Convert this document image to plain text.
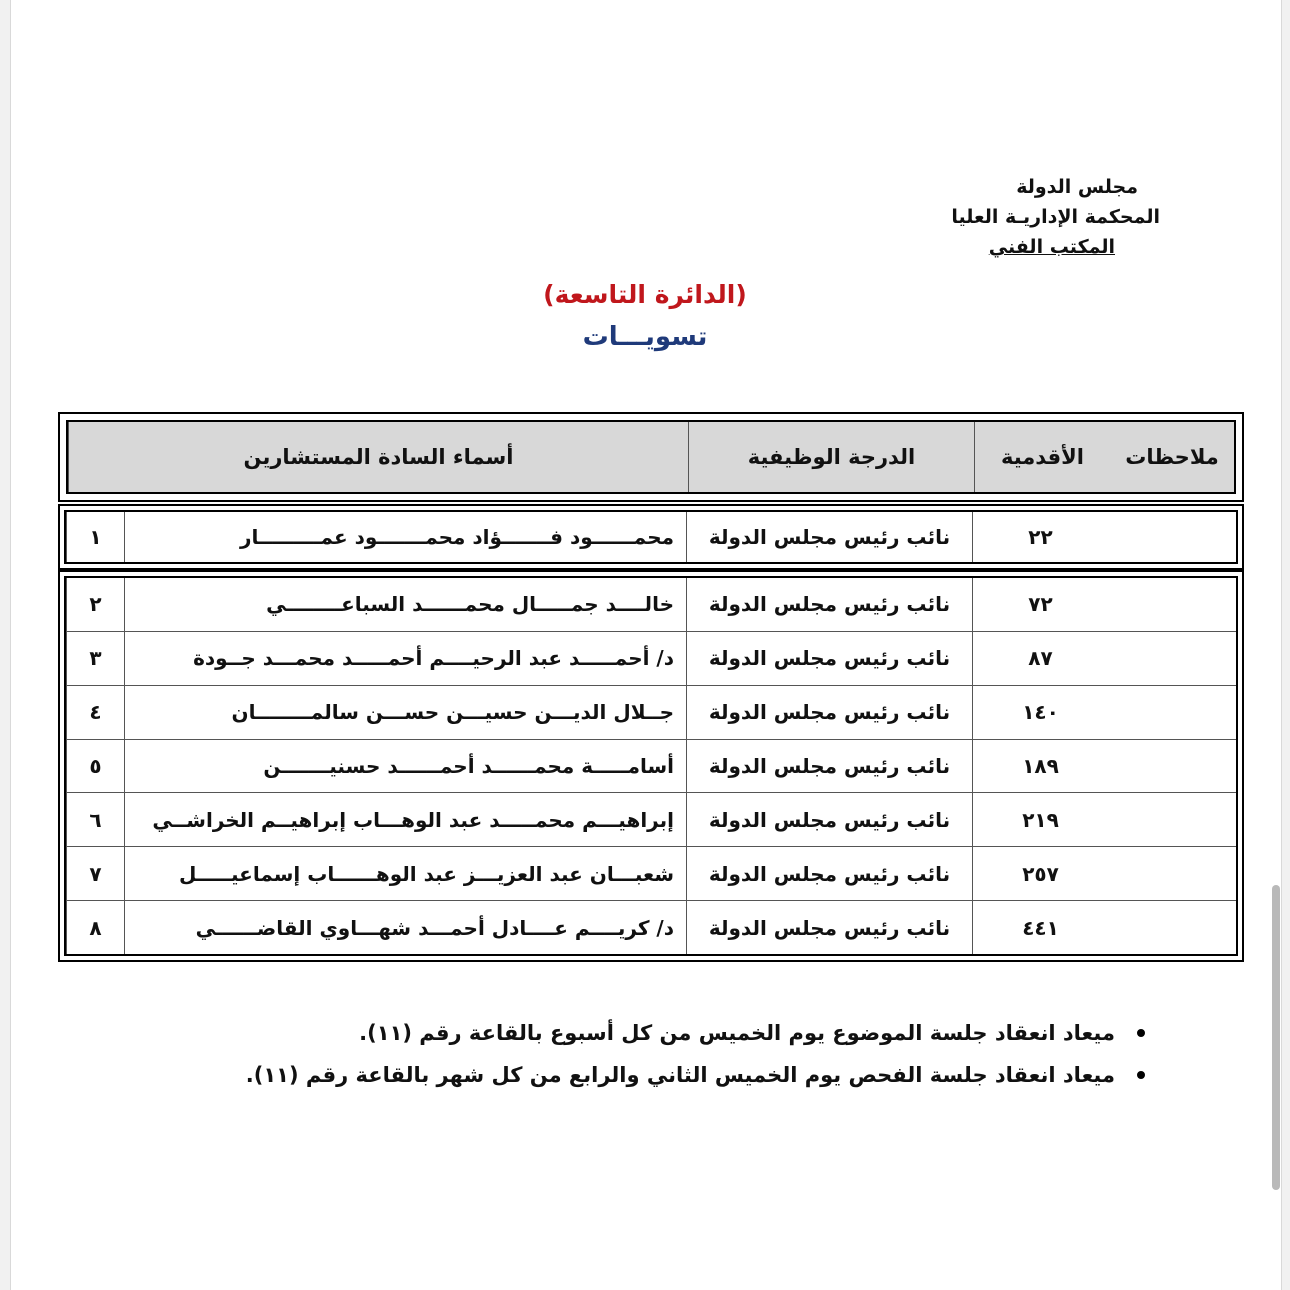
مجلس الدولة
المحكمة الإداريـة العليا
المكتب الفني
(الدائرة التاسعة)
تسويـــات
أسماء السادة المستشارين	الدرجة الوظيفية	الأقدمية	ملاحظات
١	محمــــــود فـــــــؤاد محمـــــــود عمـــــــــار	نائب رئيس مجلس الدولة	٢٢
٢	خالــــد جمـــــال محمــــــد السباعــــــــي	نائب رئيس مجلس الدولة	٧٢
٣	د/ أحمـــــد عبد الرحيــــم أحمـــــد محمـــد جــودة	نائب رئيس مجلس الدولة	٨٧
٤	جــلال الديـــن حسيـــن حســـن سالمــــــــان	نائب رئيس مجلس الدولة	١٤٠
٥	أسامـــــة محمــــــد أحمــــــد حسنيـــــــن	نائب رئيس مجلس الدولة	١٨٩
٦	إبراهيـــم محمـــــد عبد الوهـــاب إبراهيــم الخراشــي	نائب رئيس مجلس الدولة	٢١٩
٧	شعبـــان عبد العزيـــز عبد الوهــــــاب إسماعيـــــل	نائب رئيس مجلس الدولة	٢٥٧
٨	د/ كريــــم عــــادل أحمـــد شهـــاوي القاضــــــي	نائب رئيس مجلس الدولة	٤٤١
ميعاد انعقاد جلسة الموضوع يوم الخميس من كل أسبوع بالقاعة رقم (١١).
ميعاد انعقاد جلسة الفحص يوم الخميس الثاني والرابع من كل شهر بالقاعة رقم (١١).
